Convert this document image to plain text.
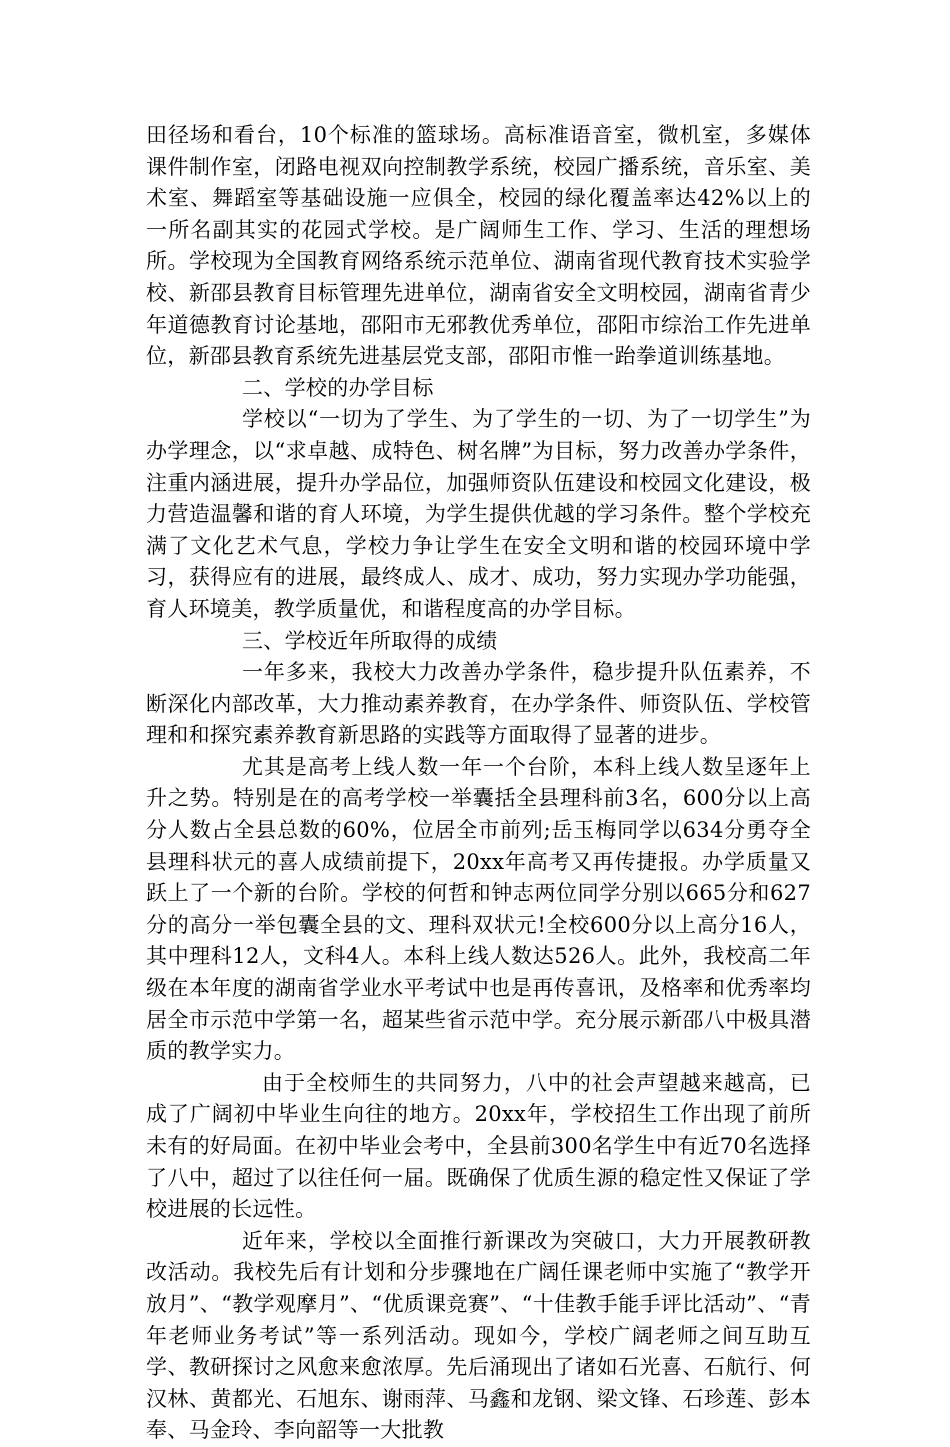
田径场和看台，10个标准的篮球场。高标准语音室，微机室，多媒体课件制作室，闭路电视双向控制教学系统，校园广播系统，音乐室、美术室、舞蹈室等基础设施一应俱全，校园的绿化覆盖率达42%以上的一所名副其实的花园式学校。是广阔师生工作、学习、生活的理想场所。学校现为全国教育网络系统示范单位、湖南省现代教育技术实验学校、新邵县教育目标管理先进单位，湖南省安全文明校园，湖南省青少年道德教育讨论基地，邵阳市无邪教优秀单位，邵阳市综治工作先进单位，新邵县教育系统先进基层党支部，邵阳市惟一跆拳道训练基地。

二、学校的办学目标

学校以“一切为了学生、为了学生的一切、为了一切学生”为办学理念，以“求卓越、成特色、树名牌”为目标，努力改善办学条件，注重内涵进展，提升办学品位，加强师资队伍建设和校园文化建设，极力营造温馨和谐的育人环境，为学生提供优越的学习条件。整个学校充满了文化艺术气息，学校力争让学生在安全文明和谐的校园环境中学习，获得应有的进展，最终成人、成才、成功，努力实现办学功能强，育人环境美，教学质量优，和谐程度高的办学目标。

三、学校近年所取得的成绩

一年多来，我校大力改善办学条件，稳步提升队伍素养，不断深化内部改革，大力推动素养教育，在办学条件、师资队伍、学校管理和和探究素养教育新思路的实践等方面取得了显著的进步。

尤其是高考上线人数一年一个台阶，本科上线人数呈逐年上升之势。特别是在的高考学校一举囊括全县理科前3名，600分以上高分人数占全县总数的60%，位居全市前列;岳玉梅同学以634分勇夺全县理科状元的喜人成绩前提下，20xx年高考又再传捷报。办学质量又跃上了一个新的台阶。学校的何哲和钟志两位同学分别以665分和627分的高分一举包囊全县的文、理科双状元!全校600分以上高分16人，其中理科12人，文科4人。本科上线人数达526人。此外，我校高二年级在本年度的湖南省学业水平考试中也是再传喜讯，及格率和优秀率均居全市示范中学第一名，超某些省示范中学。充分展示新邵八中极具潜质的教学实力。

由于全校师生的共同努力，八中的社会声望越来越高，已成了广阔初中毕业生向往的地方。20xx年，学校招生工作出现了前所未有的好局面。在初中毕业会考中，全县前300名学生中有近70名选择了八中，超过了以往任何一届。既确保了优质生源的稳定性又保证了学校进展的长远性。

近年来，学校以全面推行新课改为突破口，大力开展教研教改活动。我校先后有计划和分步骤地在广阔任课老师中实施了“教学开放月”、“教学观摩月”、“优质课竞赛”、“十佳教手能手评比活动”、“青年老师业务考试”等一系列活动。现如今，学校广阔老师之间互助互学、教研探讨之风愈来愈浓厚。先后涌现出了诸如石光喜、石航行、何汉林、黄都光、石旭东、谢雨萍、马鑫和龙钢、梁文锋、石珍莲、彭本奉、马金玲、李向韶等一大批教
